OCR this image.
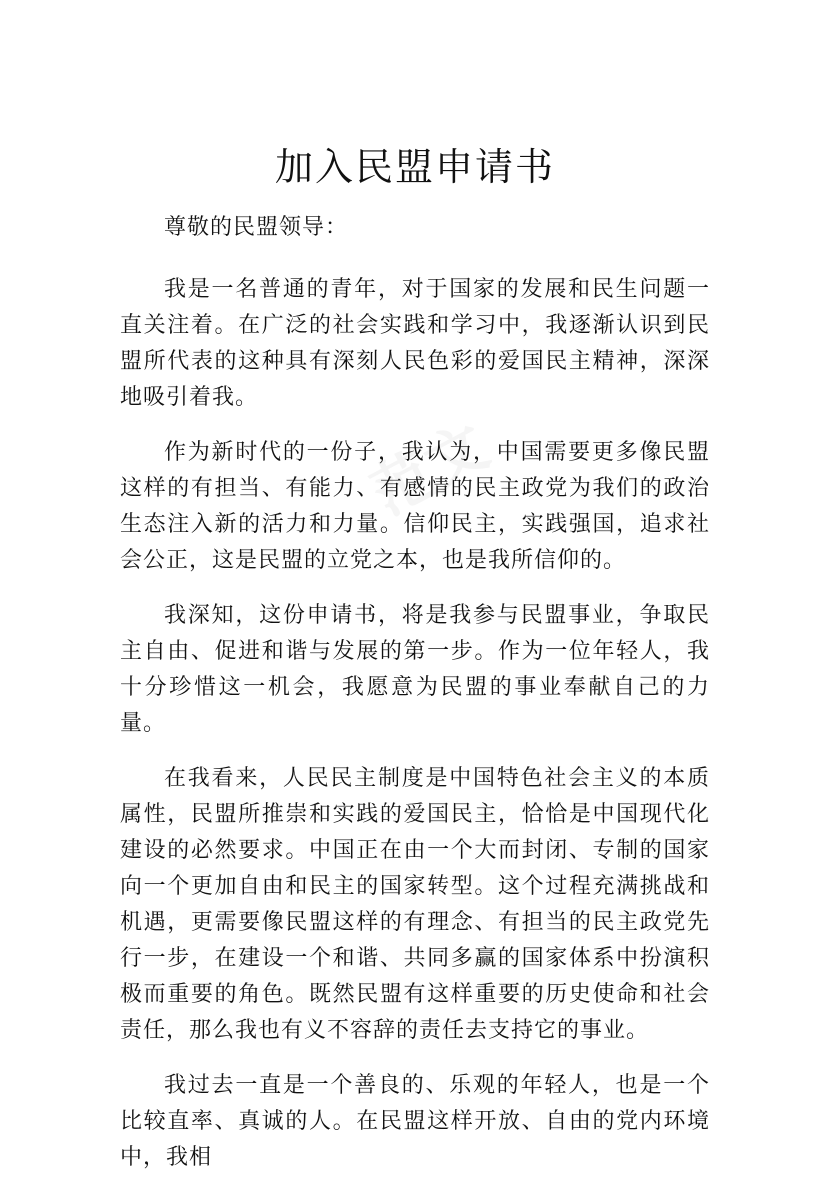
范文
加入民盟申请书

尊敬的民盟领导：

我是一名普通的青年，对于国家的发展和民生问题一直关注着。在广泛的社会实践和学习中，我逐渐认识到民盟所代表的这种具有深刻人民色彩的爱国民主精神，深深地吸引着我。

作为新时代的一份子，我认为，中国需要更多像民盟这样的有担当、有能力、有感情的民主政党为我们的政治生态注入新的活力和力量。信仰民主，实践强国，追求社会公正，这是民盟的立党之本，也是我所信仰的。

我深知，这份申请书，将是我参与民盟事业，争取民主自由、促进和谐与发展的第一步。作为一位年轻人，我十分珍惜这一机会，我愿意为民盟的事业奉献自己的力量。

在我看来，人民民主制度是中国特色社会主义的本质属性，民盟所推崇和实践的爱国民主，恰恰是中国现代化建设的必然要求。中国正在由一个大而封闭、专制的国家向一个更加自由和民主的国家转型。这个过程充满挑战和机遇，更需要像民盟这样的有理念、有担当的民主政党先行一步，在建设一个和谐、共同多赢的国家体系中扮演积极而重要的角色。既然民盟有这样重要的历史使命和社会责任，那么我也有义不容辞的责任去支持它的事业。

我过去一直是一个善良的、乐观的年轻人，也是一个比较直率、真诚的人。在民盟这样开放、自由的党内环境中，我相
